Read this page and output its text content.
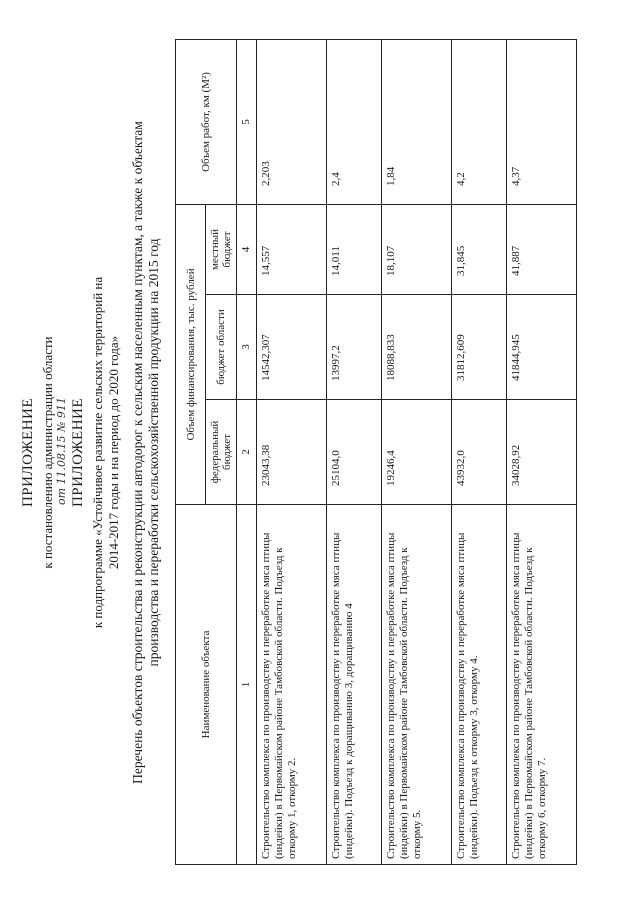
ПРИЛОЖЕНИЕ к постановлению администрации области от 11.08.15 № 911 ПРИЛОЖЕНИЕ к подпрограмме «Устойчивое развитие сельских территорий на 2014-2017 годы и на период до 2020 года» Перечень объектов строительства и реконструкции автодорог к сельским населенным пунктам, а также к объектам производства и переработки сельскохозяйственной продукции на 2015 год
Наименование объекта	Объем финансирования, тыс. рублей			Объем работ, км (М²)
	федеральный бюджет	бюджет области	местный бюджет	
1	2	3	4	5
Строительство комплекса по производству и переработке мяса птицы (индейки) в Первомайском районе Тамбовской области. Подъезд к откорму 1, откорму 2.	23043,38	14542,307	14,557	2,203
Строительство комплекса по производству и переработке мяса птицы (индейки). Подъезд к доращиванию 3, доращиванию 4	25104,0	13997,2	14,011	2,4
Строительство комплекса по производству и переработке мяса птицы (индейки) в Первомайском районе Тамбовской области. Подъезд к откорму 5.	19246,4	18088,833	18,107	1,84
Строительство комплекса по производству и переработке мяса птицы (индейки). Подъезд к откорму 3, откорму 4.	43932,0	31812,609	31,845	4,2
Строительство комплекса по производству и переработке мяса птицы (индейки) в Первомайском районе Тамбовской области. Подъезд к откорму 6, откорму 7.	34028,92	41844,945	41,887	4,37
